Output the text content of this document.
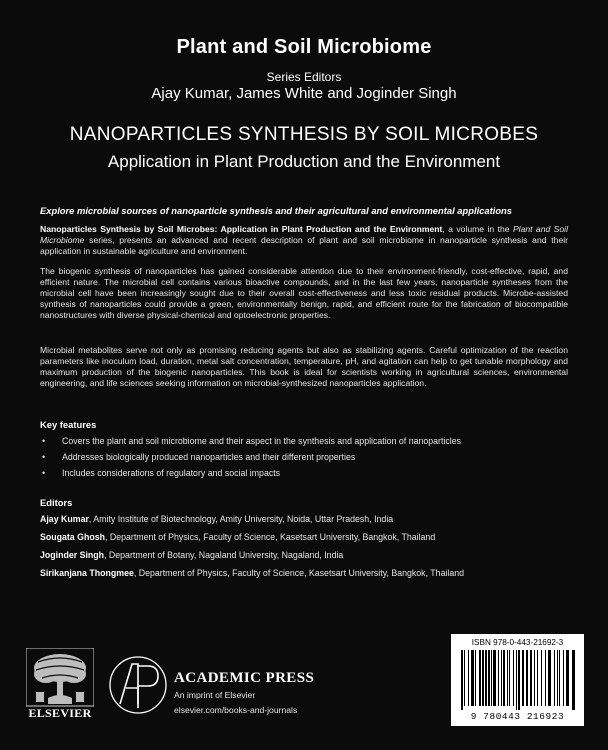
Plant and Soil Microbiome
Series Editors
Ajay Kumar, James White and Joginder Singh
NANOPARTICLES SYNTHESIS BY SOIL MICROBES
Application in Plant Production and the Environment
Explore microbial sources of nanoparticle synthesis and their agricultural and environmental applications
Nanoparticles Synthesis by Soil Microbes: Application in Plant Production and the Environment, a volume in the Plant and Soil Microbiome series, presents an advanced and recent description of plant and soil microbiome in nanoparticle synthesis and their application in sustainable agriculture and environment.
The biogenic synthesis of nanoparticles has gained considerable attention due to their environment-friendly, cost-effective, rapid, and efficient nature. The microbial cell contains various bioactive compounds, and in the last few years, nanoparticle syntheses from the microbial cell have been increasingly sought due to their overall cost-effectiveness and less toxic residual products. Microbe-assisted synthesis of nanoparticles could provide a green, environmentally benign, rapid, and efficient route for the fabrication of biocompatible nanostructures with diverse physical-chemical and optoelectronic properties.
Microbial metabolites serve not only as promising reducing agents but also as stabilizing agents. Careful optimization of the reaction parameters like inoculum load, duration, metal salt concentration, temperature, pH, and agitation can help to get tunable morphology and maximum production of the biogenic nanoparticles. This book is ideal for scientists working in agricultural sciences, environmental engineering, and life sciences seeking information on microbial-synthesized nanoparticles application.
Key features
• Covers the plant and soil microbiome and their aspect in the synthesis and application of nanoparticles
• Addresses biologically produced nanoparticles and their different properties
• Includes considerations of regulatory and social impacts
Editors
Ajay Kumar, Amity Institute of Biotechnology, Amity University, Noida, Uttar Pradesh, India
Sougata Ghosh, Department of Physics, Faculty of Science, Kasetsart University, Bangkok, Thailand
Joginder Singh, Department of Botany, Nagaland University, Nagaland, India
Sirikanjana Thongmee, Department of Physics, Faculty of Science, Kasetsart University, Bangkok, Thailand
ELSEVIER
ACADEMIC PRESS
An imprint of Elsevier
elsevier.com/books-and-journals
ISBN 978-0-443-21692-3
9 780443 216923
